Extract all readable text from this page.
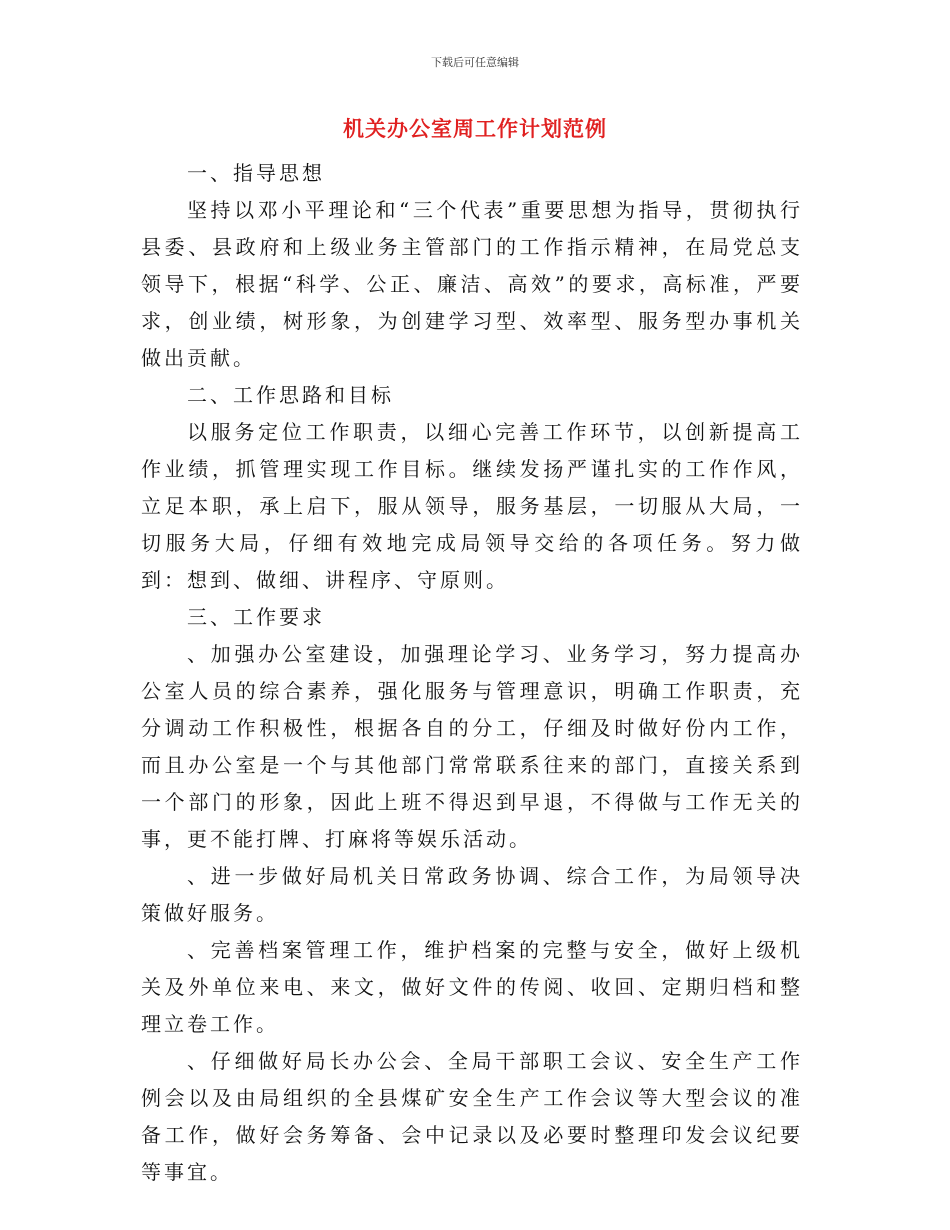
下载后可任意编辑
机关办公室周工作计划范例

一、指导思想

坚持以邓小平理论和“三个代表”重要思想为指导，贯彻执行县委、县政府和上级业务主管部门的工作指示精神，在局党总支领导下，根据“科学、公正、廉洁、高效”的要求，高标准，严要求，创业绩，树形象，为创建学习型、效率型、服务型办事机关做出贡献。

二、工作思路和目标

以服务定位工作职责，以细心完善工作环节，以创新提高工作业绩，抓管理实现工作目标。继续发扬严谨扎实的工作作风，立足本职，承上启下，服从领导，服务基层，一切服从大局，一切服务大局，仔细有效地完成局领导交给的各项任务。努力做到：想到、做细、讲程序、守原则。

三、工作要求

、加强办公室建设，加强理论学习、业务学习，努力提高办公室人员的综合素养，强化服务与管理意识，明确工作职责，充分调动工作积极性，根据各自的分工，仔细及时做好份内工作，而且办公室是一个与其他部门常常联系往来的部门，直接关系到一个部门的形象，因此上班不得迟到早退，不得做与工作无关的事，更不能打牌、打麻将等娱乐活动。

、进一步做好局机关日常政务协调、综合工作，为局领导决策做好服务。

、完善档案管理工作，维护档案的完整与安全，做好上级机关及外单位来电、来文，做好文件的传阅、收回、定期归档和整理立卷工作。

、仔细做好局长办公会、全局干部职工会议、安全生产工作例会以及由局组织的全县煤矿安全生产工作会议等大型会议的准备工作，做好会务筹备、会中记录以及必要时整理印发会议纪要等事宜。
